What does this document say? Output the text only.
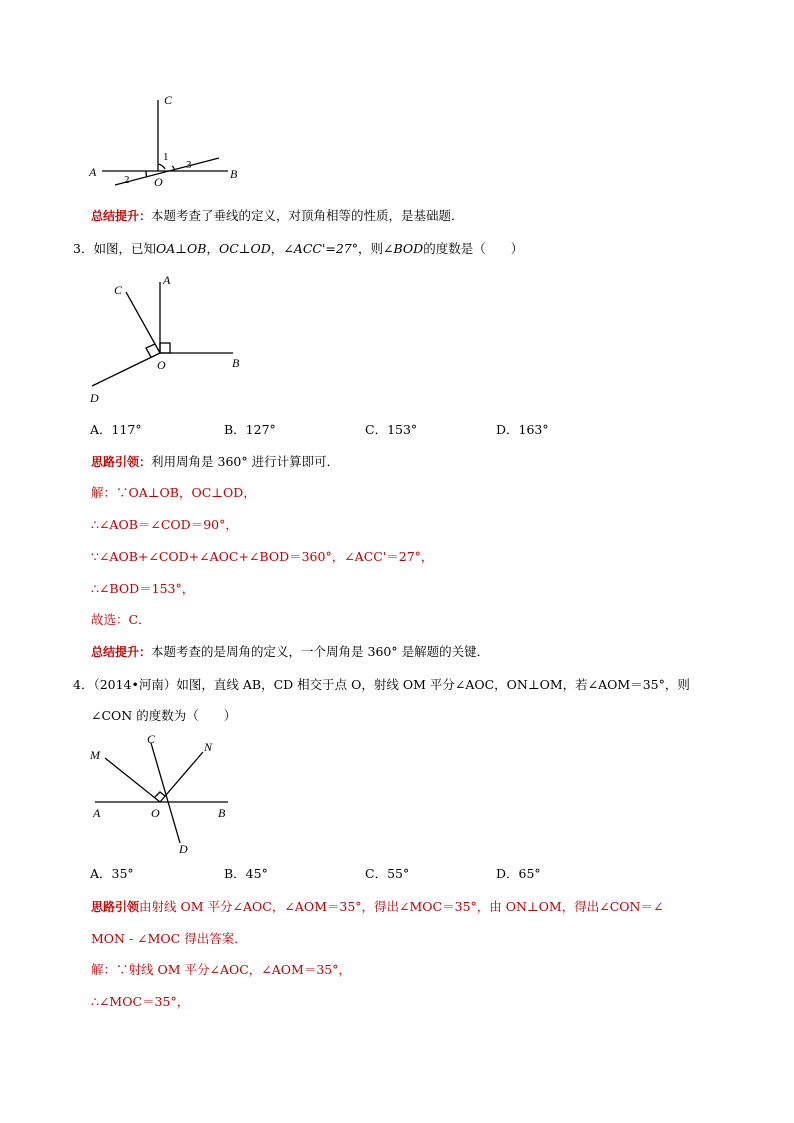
C
A	B
O
1
2
3
总结提升：本题考查了垂线的定义，对顶角相等的性质，是基础题．
3．如图，已知OA⊥OB，OC⊥OD，∠ACC'=27°，则∠BOD的度数是（　　）
A
C
O	B
D
A．117°	B．127°	C．153°	D．163°
思路引领：利用周角是 360° 进行计算即可．
解：∵OA⊥OB，OC⊥OD，
∴∠AOB＝∠COD＝90°，
∵∠AOB+∠COD+∠AOC+∠BOD＝360°，∠ACC'＝27°，
∴∠BOD＝153°，
故选：C．
总结提升：本题考查的是周角的定义，一个周角是 360° 是解题的关键．
4．（2014•河南）如图，直线 AB，CD 相交于点 O，射线 OM 平分∠AOC，ON⊥OM，若∠AOM＝35°，则
∠CON 的度数为（　　）
M
C
N
A	O	B
D
A．35°	B．45°	C．55°	D．65°
思路引领由射线 OM 平分∠AOC，∠AOM＝35°，得出∠MOC＝35°，由 ON⊥OM，得出∠CON＝∠
MON - ∠MOC 得出答案．
解：∵射线 OM 平分∠AOC，∠AOM＝35°，
∴∠MOC＝35°，
